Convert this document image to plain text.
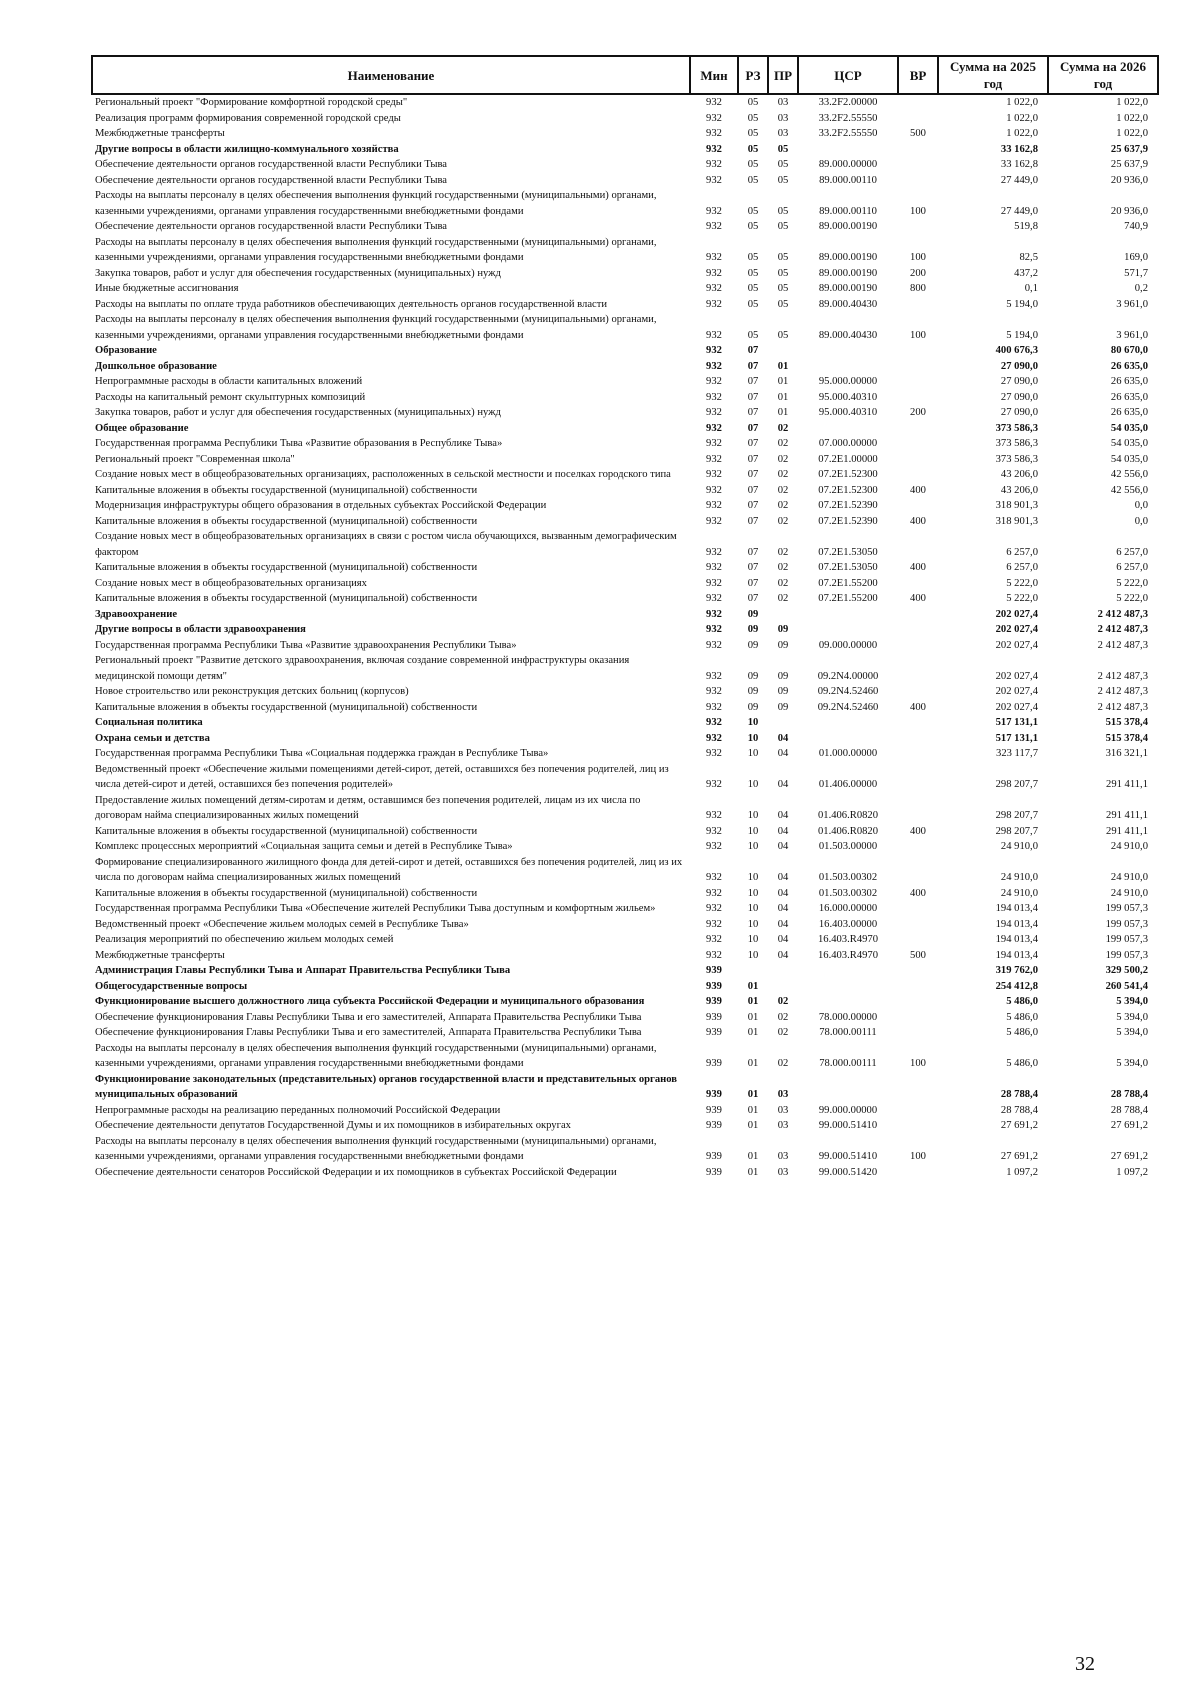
Наименование	Мин	РЗ	ПР	ЦСР	ВР	Сумма на 2025 год	Сумма на 2026 год
Региональный проект "Формирование комфортной городской среды"	932	05	03	33.2F2.00000		1 022,0	1 022,0
Реализация программ формирования современной городской среды	932	05	03	33.2F2.55550		1 022,0	1 022,0
Межбюджетные трансферты	932	05	03	33.2F2.55550	500	1 022,0	1 022,0
Другие вопросы в области жилищно-коммунального хозяйства	932	05	05			33 162,8	25 637,9
Обеспечение деятельности органов государственной власти Республики Тыва	932	05	05	89.000.00000		33 162,8	25 637,9
Обеспечение деятельности органов государственной власти Республики Тыва	932	05	05	89.000.00110		27 449,0	20 936,0
Расходы на выплаты персоналу в целях обеспечения выполнения функций государственными (муниципальными) органами, казенными учреждениями, органами управления государственными внебюджетными фондами	932	05	05	89.000.00110	100	27 449,0	20 936,0
Обеспечение деятельности органов государственной власти Республики Тыва	932	05	05	89.000.00190		519,8	740,9
Расходы на выплаты персоналу в целях обеспечения выполнения функций государственными (муниципальными) органами, казенными учреждениями, органами управления государственными внебюджетными фондами	932	05	05	89.000.00190	100	82,5	169,0
Закупка товаров, работ и услуг для обеспечения государственных (муниципальных) нужд	932	05	05	89.000.00190	200	437,2	571,7
Иные бюджетные ассигнования	932	05	05	89.000.00190	800	0,1	0,2
Расходы на выплаты по оплате труда работников обеспечивающих деятельность органов государственной власти	932	05	05	89.000.40430		5 194,0	3 961,0
Расходы на выплаты персоналу в целях обеспечения выполнения функций государственными (муниципальными) органами, казенными учреждениями, органами управления государственными внебюджетными фондами	932	05	05	89.000.40430	100	5 194,0	3 961,0
Образование	932	07				400 676,3	80 670,0
Дошкольное образование	932	07	01			27 090,0	26 635,0
Непрограммные расходы в области капитальных вложений	932	07	01	95.000.00000		27 090,0	26 635,0
Расходы на капитальный ремонт скульптурных композиций	932	07	01	95.000.40310		27 090,0	26 635,0
Закупка товаров, работ и услуг для обеспечения государственных (муниципальных) нужд	932	07	01	95.000.40310	200	27 090,0	26 635,0
Общее образование	932	07	02			373 586,3	54 035,0
Государственная программа Республики Тыва «Развитие образования в Республике Тыва»	932	07	02	07.000.00000		373 586,3	54 035,0
Региональный проект "Современная школа"	932	07	02	07.2E1.00000		373 586,3	54 035,0
Создание новых мест в общеобразовательных организациях, расположенных в сельской местности и поселках городского типа	932	07	02	07.2E1.52300		43 206,0	42 556,0
Капитальные вложения в объекты государственной (муниципальной) собственности	932	07	02	07.2E1.52300	400	43 206,0	42 556,0
Модернизация инфраструктуры общего образования в отдельных субъектах Российской Федерации	932	07	02	07.2E1.52390		318 901,3	0,0
Капитальные вложения в объекты государственной (муниципальной) собственности	932	07	02	07.2E1.52390	400	318 901,3	0,0
Создание новых мест в общеобразовательных организациях в связи с ростом числа обучающихся, вызванным демографическим фактором	932	07	02	07.2E1.53050		6 257,0	6 257,0
Капитальные вложения в объекты государственной (муниципальной) собственности	932	07	02	07.2E1.53050	400	6 257,0	6 257,0
Создание новых мест в общеобразовательных организациях	932	07	02	07.2E1.55200		5 222,0	5 222,0
Капитальные вложения в объекты государственной (муниципальной) собственности	932	07	02	07.2E1.55200	400	5 222,0	5 222,0
Здравоохранение	932	09				202 027,4	2 412 487,3
Другие вопросы в области здравоохранения	932	09	09			202 027,4	2 412 487,3
Государственная программа Республики Тыва «Развитие здравоохранения Республики Тыва»	932	09	09	09.000.00000		202 027,4	2 412 487,3
Региональный проект "Развитие детского здравоохранения, включая создание современной инфраструктуры оказания медицинской помощи детям"	932	09	09	09.2N4.00000		202 027,4	2 412 487,3
Новое строительство или реконструкция детских больниц (корпусов)	932	09	09	09.2N4.52460		202 027,4	2 412 487,3
Капитальные вложения в объекты государственной (муниципальной) собственности	932	09	09	09.2N4.52460	400	202 027,4	2 412 487,3
Социальная политика	932	10				517 131,1	515 378,4
Охрана семьи и детства	932	10	04			517 131,1	515 378,4
Государственная программа Республики Тыва «Социальная поддержка граждан в Республике Тыва»	932	10	04	01.000.00000		323 117,7	316 321,1
Ведомственный проект «Обеспечение жилыми помещениями детей-сирот, детей, оставшихся без попечения родителей, лиц из числа детей-сирот и детей, оставшихся без попечения родителей»	932	10	04	01.406.00000		298 207,7	291 411,1
Предоставление жилых помещений детям-сиротам и детям, оставшимся без попечения родителей, лицам из их числа по договорам найма специализированных жилых помещений	932	10	04	01.406.R0820		298 207,7	291 411,1
Капитальные вложения в объекты государственной (муниципальной) собственности	932	10	04	01.406.R0820	400	298 207,7	291 411,1
Комплекс процессных мероприятий «Социальная защита семьи и детей в Республике Тыва»	932	10	04	01.503.00000		24 910,0	24 910,0
Формирование специализированного жилищного фонда для детей-сирот и детей, оставшихся без попечения родителей, лиц из их числа по договорам найма специализированных жилых помещений	932	10	04	01.503.00302		24 910,0	24 910,0
Капитальные вложения в объекты государственной (муниципальной) собственности	932	10	04	01.503.00302	400	24 910,0	24 910,0
Государственная программа Республики Тыва «Обеспечение жителей Республики Тыва доступным и комфортным жильем»	932	10	04	16.000.00000		194 013,4	199 057,3
Ведомственный проект «Обеспечение жильем молодых семей в Республике Тыва»	932	10	04	16.403.00000		194 013,4	199 057,3
Реализация мероприятий по обеспечению жильем молодых семей	932	10	04	16.403.R4970		194 013,4	199 057,3
Межбюджетные трансферты	932	10	04	16.403.R4970	500	194 013,4	199 057,3
Администрация Главы Республики Тыва и Аппарат Правительства Республики Тыва	939					319 762,0	329 500,2
Общегосударственные вопросы	939	01				254 412,8	260 541,4
Функционирование высшего должностного лица субъекта Российской Федерации и муниципального образования	939	01	02			5 486,0	5 394,0
Обеспечение функционирования Главы Республики Тыва и его заместителей, Аппарата Правительства Республики Тыва	939	01	02	78.000.00000		5 486,0	5 394,0
Обеспечение функционирования Главы Республики Тыва и его заместителей, Аппарата Правительства Республики Тыва	939	01	02	78.000.00111		5 486,0	5 394,0
Расходы на выплаты персоналу в целях обеспечения выполнения функций государственными (муниципальными) органами, казенными учреждениями, органами управления государственными внебюджетными фондами	939	01	02	78.000.00111	100	5 486,0	5 394,0
Функционирование законодательных (представительных) органов государственной власти и представительных органов муниципальных образований	939	01	03			28 788,4	28 788,4
Непрограммные расходы на реализацию переданных полномочий Российской Федерации	939	01	03	99.000.00000		28 788,4	28 788,4
Обеспечение деятельности депутатов Государственной Думы и их помощников в избирательных округах	939	01	03	99.000.51410		27 691,2	27 691,2
Расходы на выплаты персоналу в целях обеспечения выполнения функций государственными (муниципальными) органами, казенными учреждениями, органами управления государственными внебюджетными фондами	939	01	03	99.000.51410	100	27 691,2	27 691,2
Обеспечение деятельности сенаторов Российской Федерации и их помощников в субъектах Российской Федерации	939	01	03	99.000.51420		1 097,2	1 097,2
32
